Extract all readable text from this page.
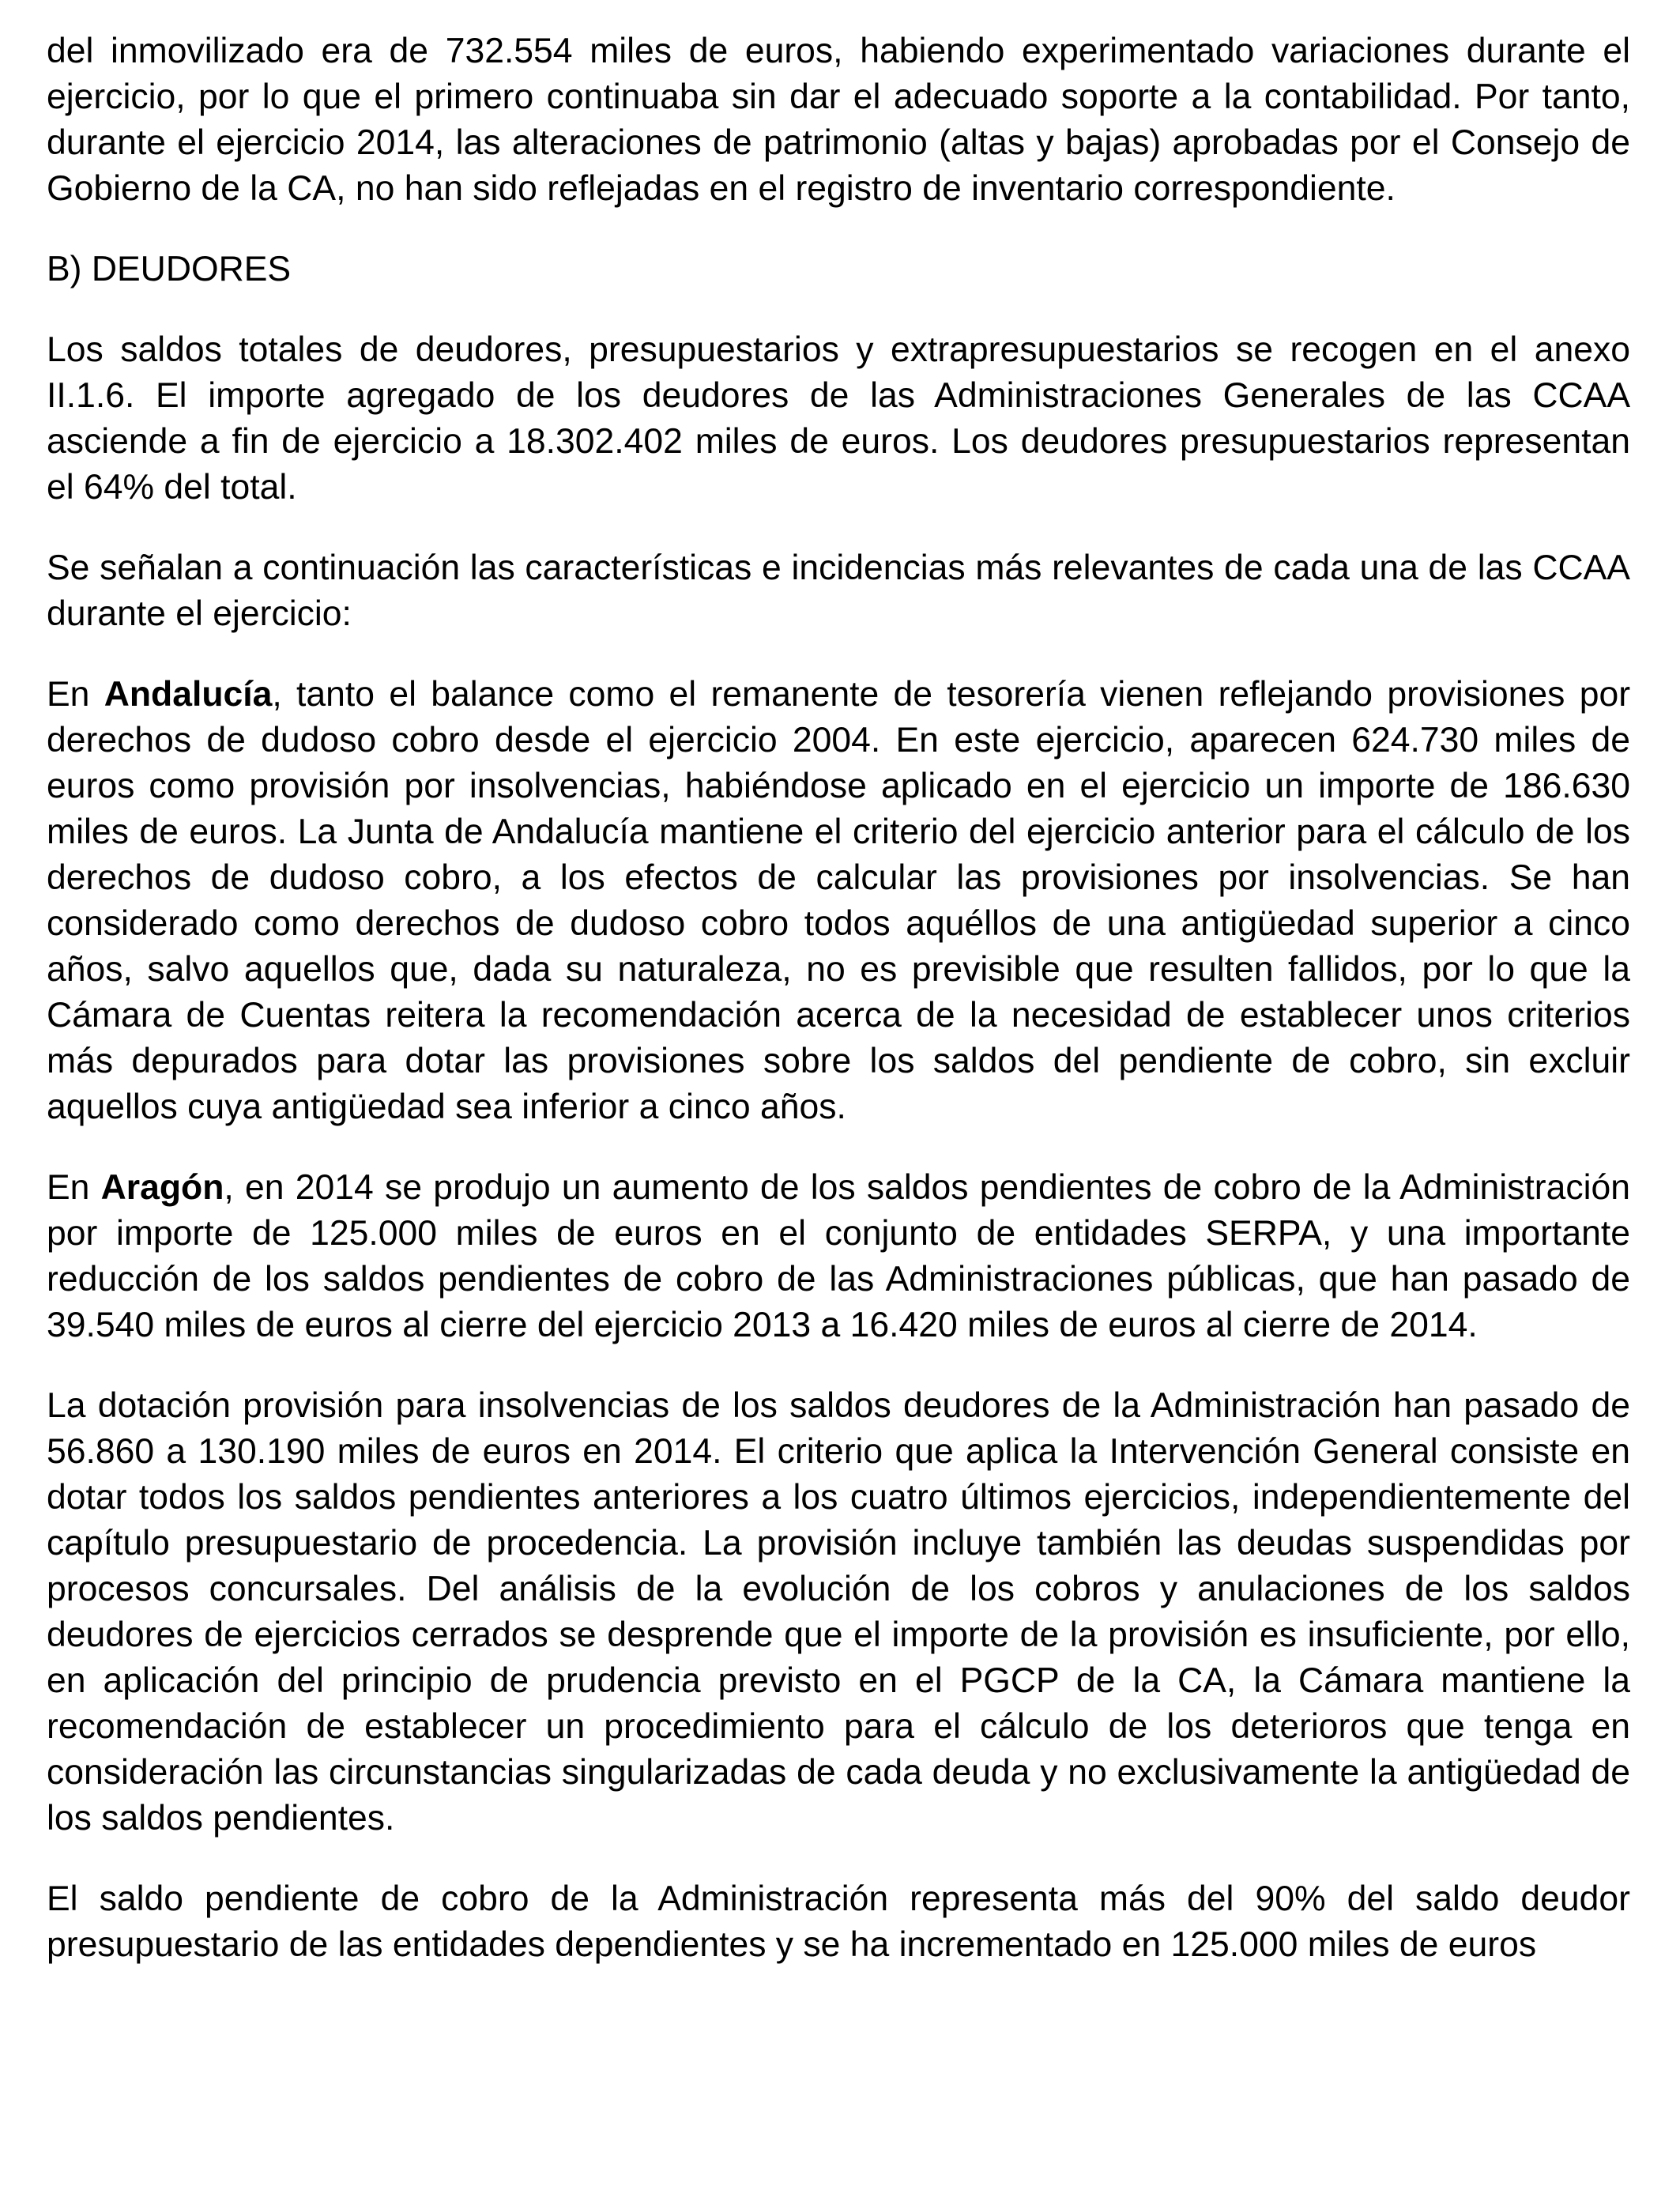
del inmovilizado era de 732.554 miles de euros, habiendo experimentado variaciones durante el ejercicio, por lo que el primero continuaba sin dar el adecuado soporte a la contabilidad. Por tanto, durante el ejercicio 2014, las alteraciones de patrimonio (altas y bajas) aprobadas por el Consejo de Gobierno de la CA, no han sido reflejadas en el registro de inventario correspondiente.

B) DEUDORES

Los saldos totales de deudores, presupuestarios y extrapresupuestarios se recogen en el anexo II.1.6. El importe agregado de los deudores de las Administraciones Generales de las CCAA asciende a fin de ejercicio a 18.302.402 miles de euros. Los deudores presupuestarios representan el 64% del total.

Se señalan a continuación las características e incidencias más relevantes de cada una de las CCAA durante el ejercicio:

En Andalucía, tanto el balance como el remanente de tesorería vienen reflejando provisiones por derechos de dudoso cobro desde el ejercicio 2004. En este ejercicio, aparecen 624.730 miles de euros como provisión por insolvencias, habiéndose aplicado en el ejercicio un importe de 186.630 miles de euros. La Junta de Andalucía mantiene el criterio del ejercicio anterior para el cálculo de los derechos de dudoso cobro, a los efectos de calcular las provisiones por insolvencias. Se han considerado como derechos de dudoso cobro todos aquéllos de una antigüedad superior a cinco años, salvo aquellos que, dada su naturaleza, no es previsible que resulten fallidos, por lo que la Cámara de Cuentas reitera la recomendación acerca de la necesidad de establecer unos criterios más depurados para dotar las provisiones sobre los saldos del pendiente de cobro, sin excluir aquellos cuya antigüedad sea inferior a cinco años.

En Aragón, en 2014 se produjo un aumento de los saldos pendientes de cobro de la Administración por importe de 125.000 miles de euros en el conjunto de entidades SERPA, y una importante reducción de los saldos pendientes de cobro de las Administraciones públicas, que han pasado de 39.540 miles de euros al cierre del ejercicio 2013 a 16.420 miles de euros al cierre de 2014.

La dotación provisión para insolvencias de los saldos deudores de la Administración han pasado de 56.860 a 130.190 miles de euros en 2014. El criterio que aplica la Intervención General consiste en dotar todos los saldos pendientes anteriores a los cuatro últimos ejercicios, independientemente del capítulo presupuestario de procedencia. La provisión incluye también las deudas suspendidas por procesos concursales. Del análisis de la evolución de los cobros y anulaciones de los saldos deudores de ejercicios cerrados se desprende que el importe de la provisión es insuficiente, por ello, en aplicación del principio de prudencia previsto en el PGCP de la CA, la Cámara mantiene la recomendación de establecer un procedimiento para el cálculo de los deterioros que tenga en consideración las circunstancias singularizadas de cada deuda y no exclusivamente la antigüedad de los saldos pendientes.

El saldo pendiente de cobro de la Administración representa más del 90% del saldo deudor presupuestario de las entidades dependientes y se ha incrementado en 125.000 miles de euros
